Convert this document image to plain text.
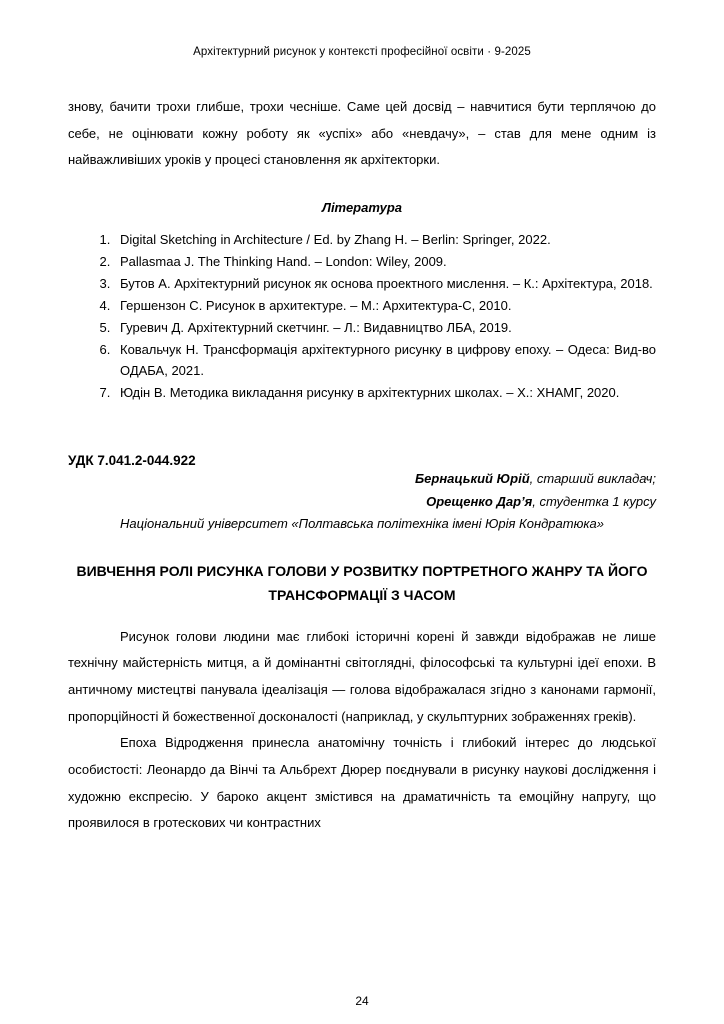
Архітектурний рисунок у контексті професійної освіти · 9-2025

знову, бачити трохи глибше, трохи чесніше. Саме цей досвід – навчитися бути терплячою до себе, не оцінювати кожну роботу як «успіх» або «невдачу», – став для мене одним із найважливіших уроків у процесі становлення як архітекторки.

Література
1. Digital Sketching in Architecture / Ed. by Zhang H. – Berlin: Springer, 2022.
2. Pallasmaa J. The Thinking Hand. – London: Wiley, 2009.
3. Бутов А. Архітектурний рисунок як основа проектного мислення. – К.: Архітектура, 2018.
4. Гершензон С. Рисунок в архитектуре. – М.: Архитектура-С, 2010.
5. Гуревич Д. Архітектурний скетчинг. – Л.: Видавництво ЛБА, 2019.
6. Ковальчук Н. Трансформація архітектурного рисунку в цифрову епоху. – Одеса: Вид-во ОДАБА, 2021.
7. Юдін В. Методика викладання рисунку в архітектурних школах. – Х.: ХНАМГ, 2020.
УДК 7.041.2-044.922
Бернацький Юрій, старший викладач;
Орещенко Дар’я, студентка 1 курсу
Національний університет «Полтавська політехніка імені Юрія Кондратюка»
ВИВЧЕННЯ РОЛІ РИСУНКА ГОЛОВИ У РОЗВИТКУ ПОРТРЕТНОГО ЖАНРУ ТА ЙОГО ТРАНСФОРМАЦІЇ З ЧАСОМ

Рисунок голови людини має глибокі історичні корені й завжди відображав не лише технічну майстерність митця, а й домінантні світоглядні, філософські та культурні ідеї епохи. В античному мистецтві панувала ідеалізація — голова відображалася згідно з канонами гармонії, пропорційності й божественної досконалості (наприклад, у скульптурних зображеннях греків).

Епоха Відродження принесла анатомічну точність і глибокий інтерес до людської особистості: Леонардо да Вінчі та Альбрехт Дюрер поєднували в рисунку наукові дослідження і художню експресію. У бароко акцент змістився на драматичність та емоційну напругу, що проявилося в гротескових чи контрастних

24
